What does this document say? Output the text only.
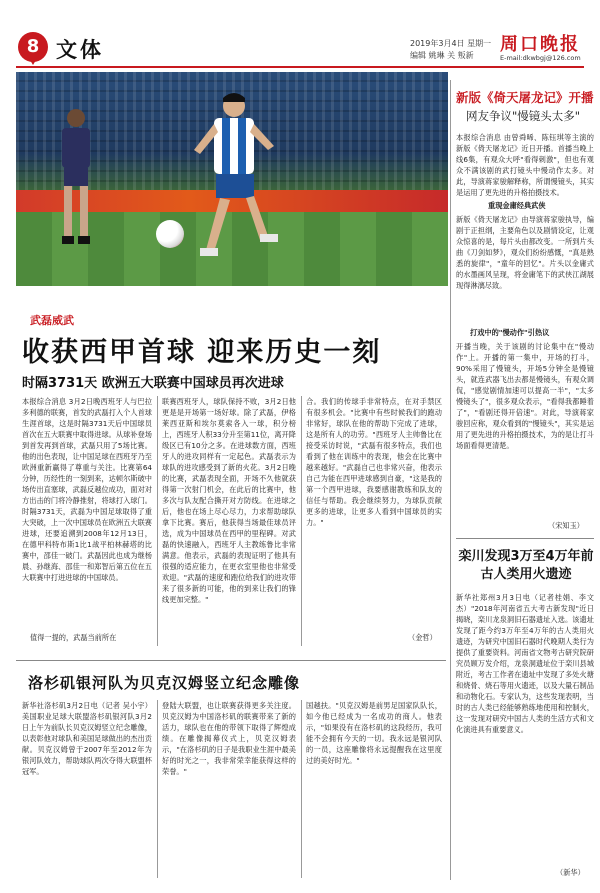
8 文体	2019年3月4日 星期一
编辑 姚琳 关 叛新
周口晚报
E-mail:dkwbgj@126.com
武磊威武
收获西甲首球 迎来历史一刻
时隔3731天 欧洲五大联赛中国球员再次进球
本报综合消息 3月2日晚西班牙人与巴拉多利德的联赛，首发的武磊打入个人首球生涯首球，这是时隔3731天后中国球员首次在五大联赛中取得进球。从球补登场到首发再到首球，武磊只用了5场比赛。他的出色表现，让中国足球在西班牙乃至欧洲重新赢得了尊重与关注。比赛第64分钟，历经性的一刻到来，达顿尔斯破中场传出直塞球，武磊反越位成功，面对对方出击的门将冷静推射，将球打入球门。时隔3731天，武磊为中国足球取得了重大突破，上一次中国球员在欧洲五大联赛进球，还要追溯到2008年12月13日，在德甲科特布斯1比1战平柏林赫塔的比赛中，邵佳一破门。武磊因此也成为继杨晨、孙继海、邵佳一和郑智后第五位在五大联赛中打进进球的中国球员。
值得一提的，武磊当前所在
联赛西班牙人，球队保持不败，3月2日他更是是开场第一场好球。除了武磊，伊格莱西亚斯和埃尔莫索各入一球，积分榜上，西班牙人积33分升至第11位，离开降级区已有10分之多。在进球数方面，西班牙人的进攻同样有一定起色。武磊表示为球队的进攻感受到了新的火花。3月2日晚的比赛，武磊表现全面，开场不久他就获得第一次射门机会，在此后的比赛中，他多次与队友配合撕开对方防线。在进球之后，他也在场上尽心尽力，力求帮助球队拿下比赛。赛后，他获得当场最佳球员评选，成为中国球员在西甲的里程碑。对武磊的快速融入，西班牙人主教练鲁比非常满意。他表示，武磊的表现证明了他具有很强的适应能力，在更衣室里他也非常受欢迎。"武磊的速度和跑位给我们的进攻带来了很多新的可能，他的到来让我们的锋线更加完整。"
合。我们的传球手非常特点，在对手禁区有很多机会。"比赛中有些时候我们的跑动非常好，球队在他的帮助下完成了进球，这是所有人的功劳。"西班牙人主帅鲁比在接受采访时说，"武磊有很多特点，我们也看到了他在训练中的表现，他会在比赛中越来越好。"武磊自己也非常兴奋，他表示自己为能在西甲进球感到自豪，"这是我的第一个西甲进球，我要感谢教练和队友的信任与帮助。我会继续努力，为球队贡献更多的进球，让更多人看到中国球员的实力。"
（金哲）
新版《倚天屠龙记》开播
网友争议"慢镜头太多"
本报综合消息 由曾舜晞、陈钰琪等主演的新版《倚天屠龙记》近日开播。首播当晚上线6集，有观众大呼"看得刺激"，但也有观众不满该剧的武打镜头中慢动作太多。对此，导演蒋家骏解释称，所谓慢镜头，其实是运用了更先进的升格拍摄技术。
重现金庸经典武侠
新版《倚天屠龙记》由导演蒋家骏执导，编剧于正担纲，主要角色以及剧情设定，让观众惊喜的是，每片头由都改变。一所到片头曲《刀剑如梦》，观众们纷纷感慨，"真是熟悉的旋律"，"童年的回忆"。片头以金庸式的水墨画风呈现，将金庸笔下的武侠江湖展现得淋漓尽致。
打戏中的"慢动作"引热议
开播当晚，关于该剧的讨论集中在"慢动作"上。开播的第一集中，开场的打斗，90%采用了慢镜头，开场5分钟全是慢镜头，就连武器飞出去都是慢镜头，有观众调侃，"感觉剧情加速可以提高一半"，"太多慢镜头了"，很多观众表示，"看得我都睡着了"，"看剧还得开倍速"。对此，导演蒋家骏回应称，观众看到的"慢镜头"，其实是运用了更先进的升格拍摄技术，为的是让打斗场面看得更清楚。
（宋知玉）
栾川发现3万至4万年前
古人类用火遗迹
新华社郑州3月3日电（记者桂娟、李文杰）"2018年河南省五大考古新发现"近日揭晓，栾川龙泉洞旧石器遗址入选。该遗址发现了距今约3万年至4万年的古人类用火遗迹，为研究中国旧石器时代晚期人类行为提供了重要资料。河南省文物考古研究院研究员顾万发介绍，龙泉洞遗址位于栾川县城附近，考古工作者在遗址中发现了多处火塘和烧骨、烧石等用火遗迹，以及大量石制品和动物化石。专家认为，这些发现表明，当时的古人类已经能够熟练地使用和控制火，这一发现对研究中国古人类的生活方式和文化演进具有重要意义。
（新华）
洛杉矶银河队为贝克汉姆竖立纪念雕像
新华社洛杉矶3月2日电（记者 吴小宇）美国职业足球大联盟洛杉矶银河队3月2日上午为前队长贝克汉姆竖立纪念雕像，以表彰他对球队和美国足球做出的杰出贡献。贝克汉姆曾于2007年至2012年为银河队效力，帮助球队两次夺得大联盟杯冠军。
登陆大联盟，也让联赛获得更多关注度。贝克汉姆为中国洛杉矶的联赛带来了新的活力，球队也在他的带领下取得了辉煌成绩。在雕像揭幕仪式上，贝克汉姆表示，"在洛杉矶的日子是我职业生涯中最美好的时光之一，我非常荣幸能获得这样的荣誉。"
国越扶。"贝克汉姆是前男足国家队队长，如今他已经成为一名成功的商人。他表示，"如果没有在洛杉矶的这段经历，我可能不会拥有今天的一切。我永远是银河队的一员，这座雕像将永远提醒我在这里度过的美好时光。"
